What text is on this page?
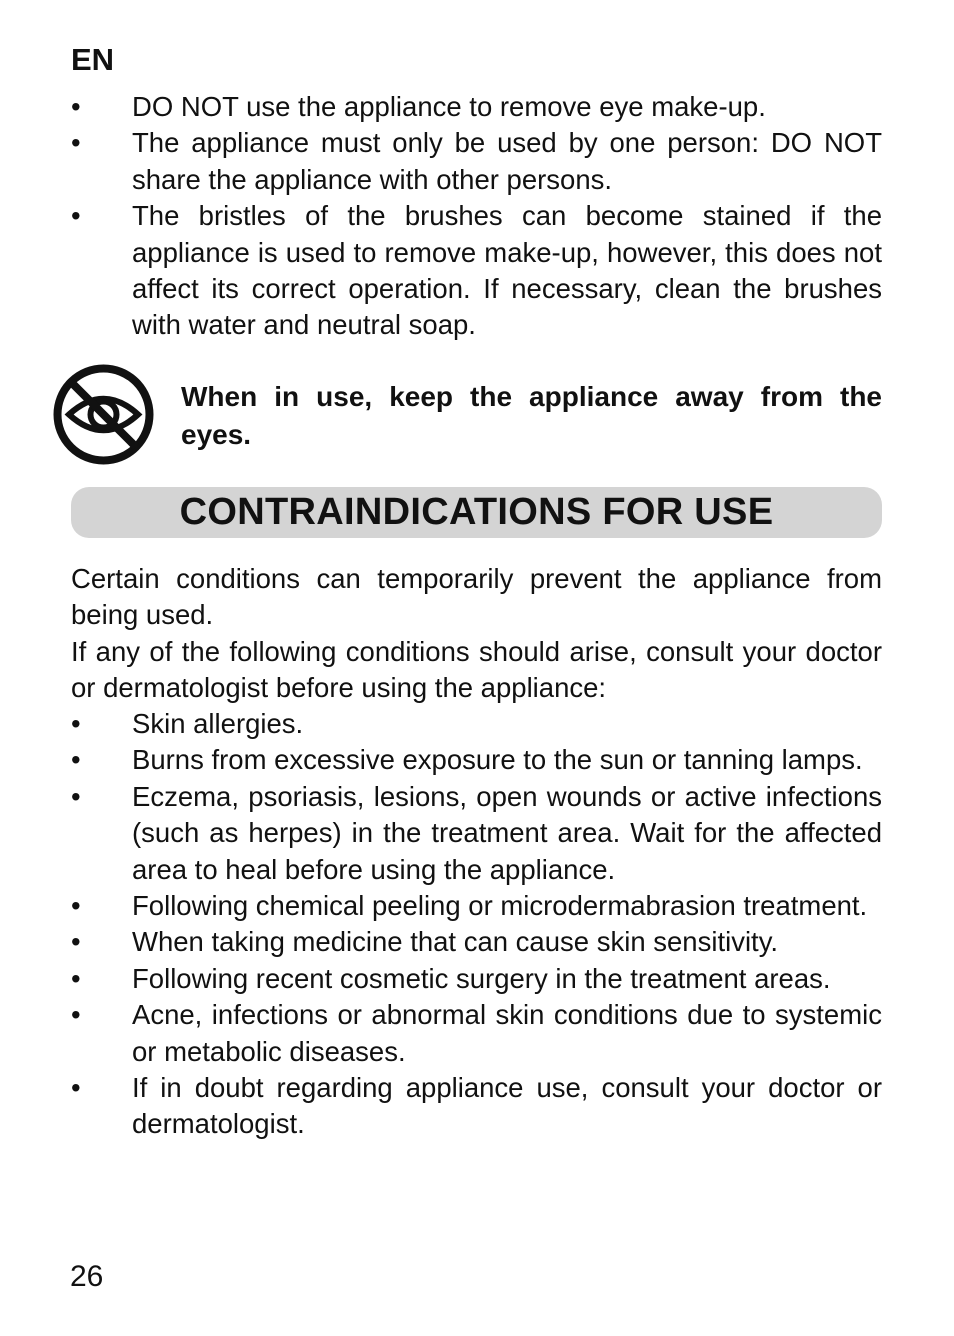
EN
• DO NOT use the appliance to remove eye make-up.
• The appliance must only be used by one person: DO NOT share the appliance with other persons.
• The bristles of the brushes can become stained if the appliance is used to remove make-up, however, this does not affect its correct operation. If necessary, clean the brushes with water and neutral soap.
When in use, keep the appliance away from the eyes.
CONTRAINDICATIONS FOR USE

Certain conditions can temporarily prevent the appliance from being used.

If any of the following conditions should arise, consult your doctor or dermatologist before using the appliance:

• Skin allergies.
• Burns from excessive exposure to the sun or tanning lamps.
• Eczema, psoriasis, lesions, open wounds or active infections (such as herpes) in the treatment area. Wait for the affected area to heal before using the appliance.
• Following chemical peeling or microdermabrasion treatment.
• When taking medicine that can cause skin sensitivity.
• Following recent cosmetic surgery in the treatment areas.
• Acne, infections or abnormal skin conditions due to systemic or metabolic diseases.
• If in doubt regarding appliance use, consult your doctor or dermatologist.
26
